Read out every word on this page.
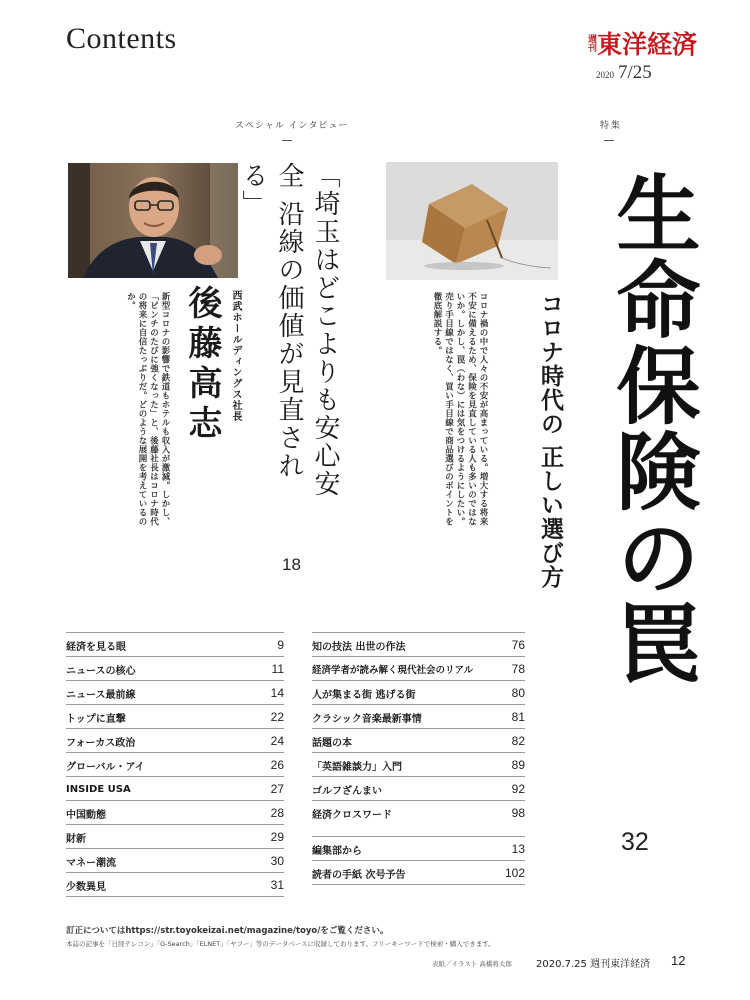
Contents	週刊 東洋経済
2020 7/25
スペシャル インタビュー	特集
「埼玉はどこよりも安心安全 沿線の価値が見直される」
西武ホールディングス社長
後藤高志
新型コロナの影響で鉄道もホテルも収入が激減。しかし、「ピンチのたびに強くなった」と、後藤社長はコロナ時代の将来に自信たっぷりだ。どのような展開を考えているのか。
18	生命保険の罠
コロナ時代の 正しい選び方
コロナ禍の中で人々の不安が高まっている。増大する将来不安に備えるため、保険を見直している人も多いのではないか。しかし、罠（わな）には気をつけるようにしたい。売り手目線ではなく、買い手目線で商品選びのポイントを徹底解説する。
32
経済を見る眼	9
ニュースの核心	11
ニュース最前線	14
トップに直撃	22
フォーカス政治	24
グローバル・アイ	26
INSIDE USA	27
中国動態	28
財新	29
マネー潮流	30
少数異見	31
知の技法 出世の作法	76
経済学者が読み解く現代社会のリアル	78
人が集まる街 逃げる街	80
クラシック音楽最新事情	81
話題の本	82
「英語雑談力」入門	89
ゴルフざんまい	92
経済クロスワード	98
編集部から	13
読者の手紙 次号予告	102
訂正についてはhttps://str.toyokeizai.net/magazine/toyo/をご覧ください。
本誌の記事を「日経テレコン」「G-Search」「ELNET」「ヤフー」等のデータベースに収録しております。フリーキーワードで検索・購入できます。
表紙／イラスト 高橋将太郎 2020.7.25 週刊東洋経済 12
